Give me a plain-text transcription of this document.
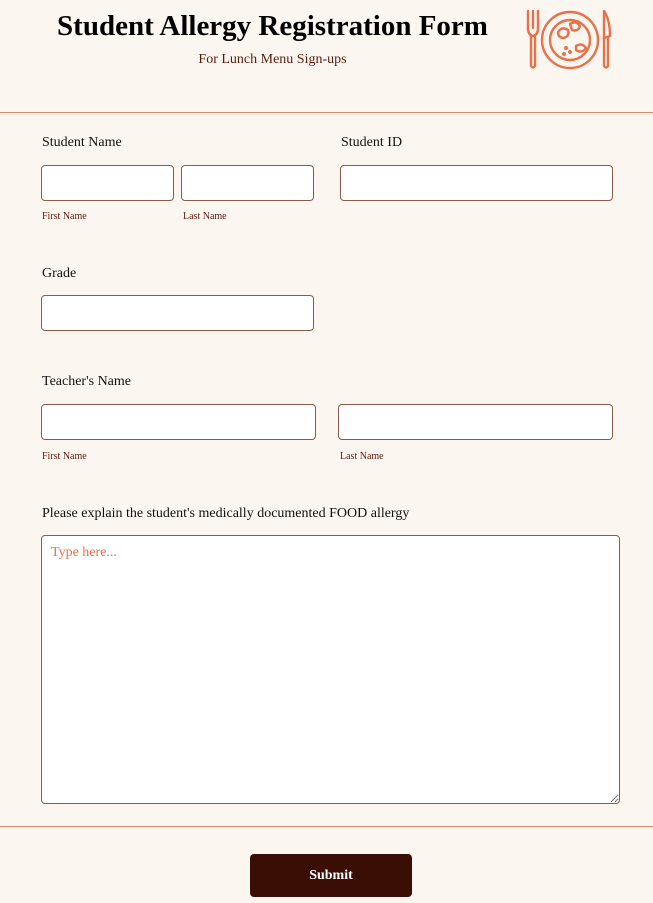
Student Allergy Registration Form
For Lunch Menu Sign-ups
Student Name
First Name	Last Name
Student ID
Grade
Teacher's Name
First Name	Last Name
Please explain the student's medically documented FOOD allergy
Type here...
Submit
